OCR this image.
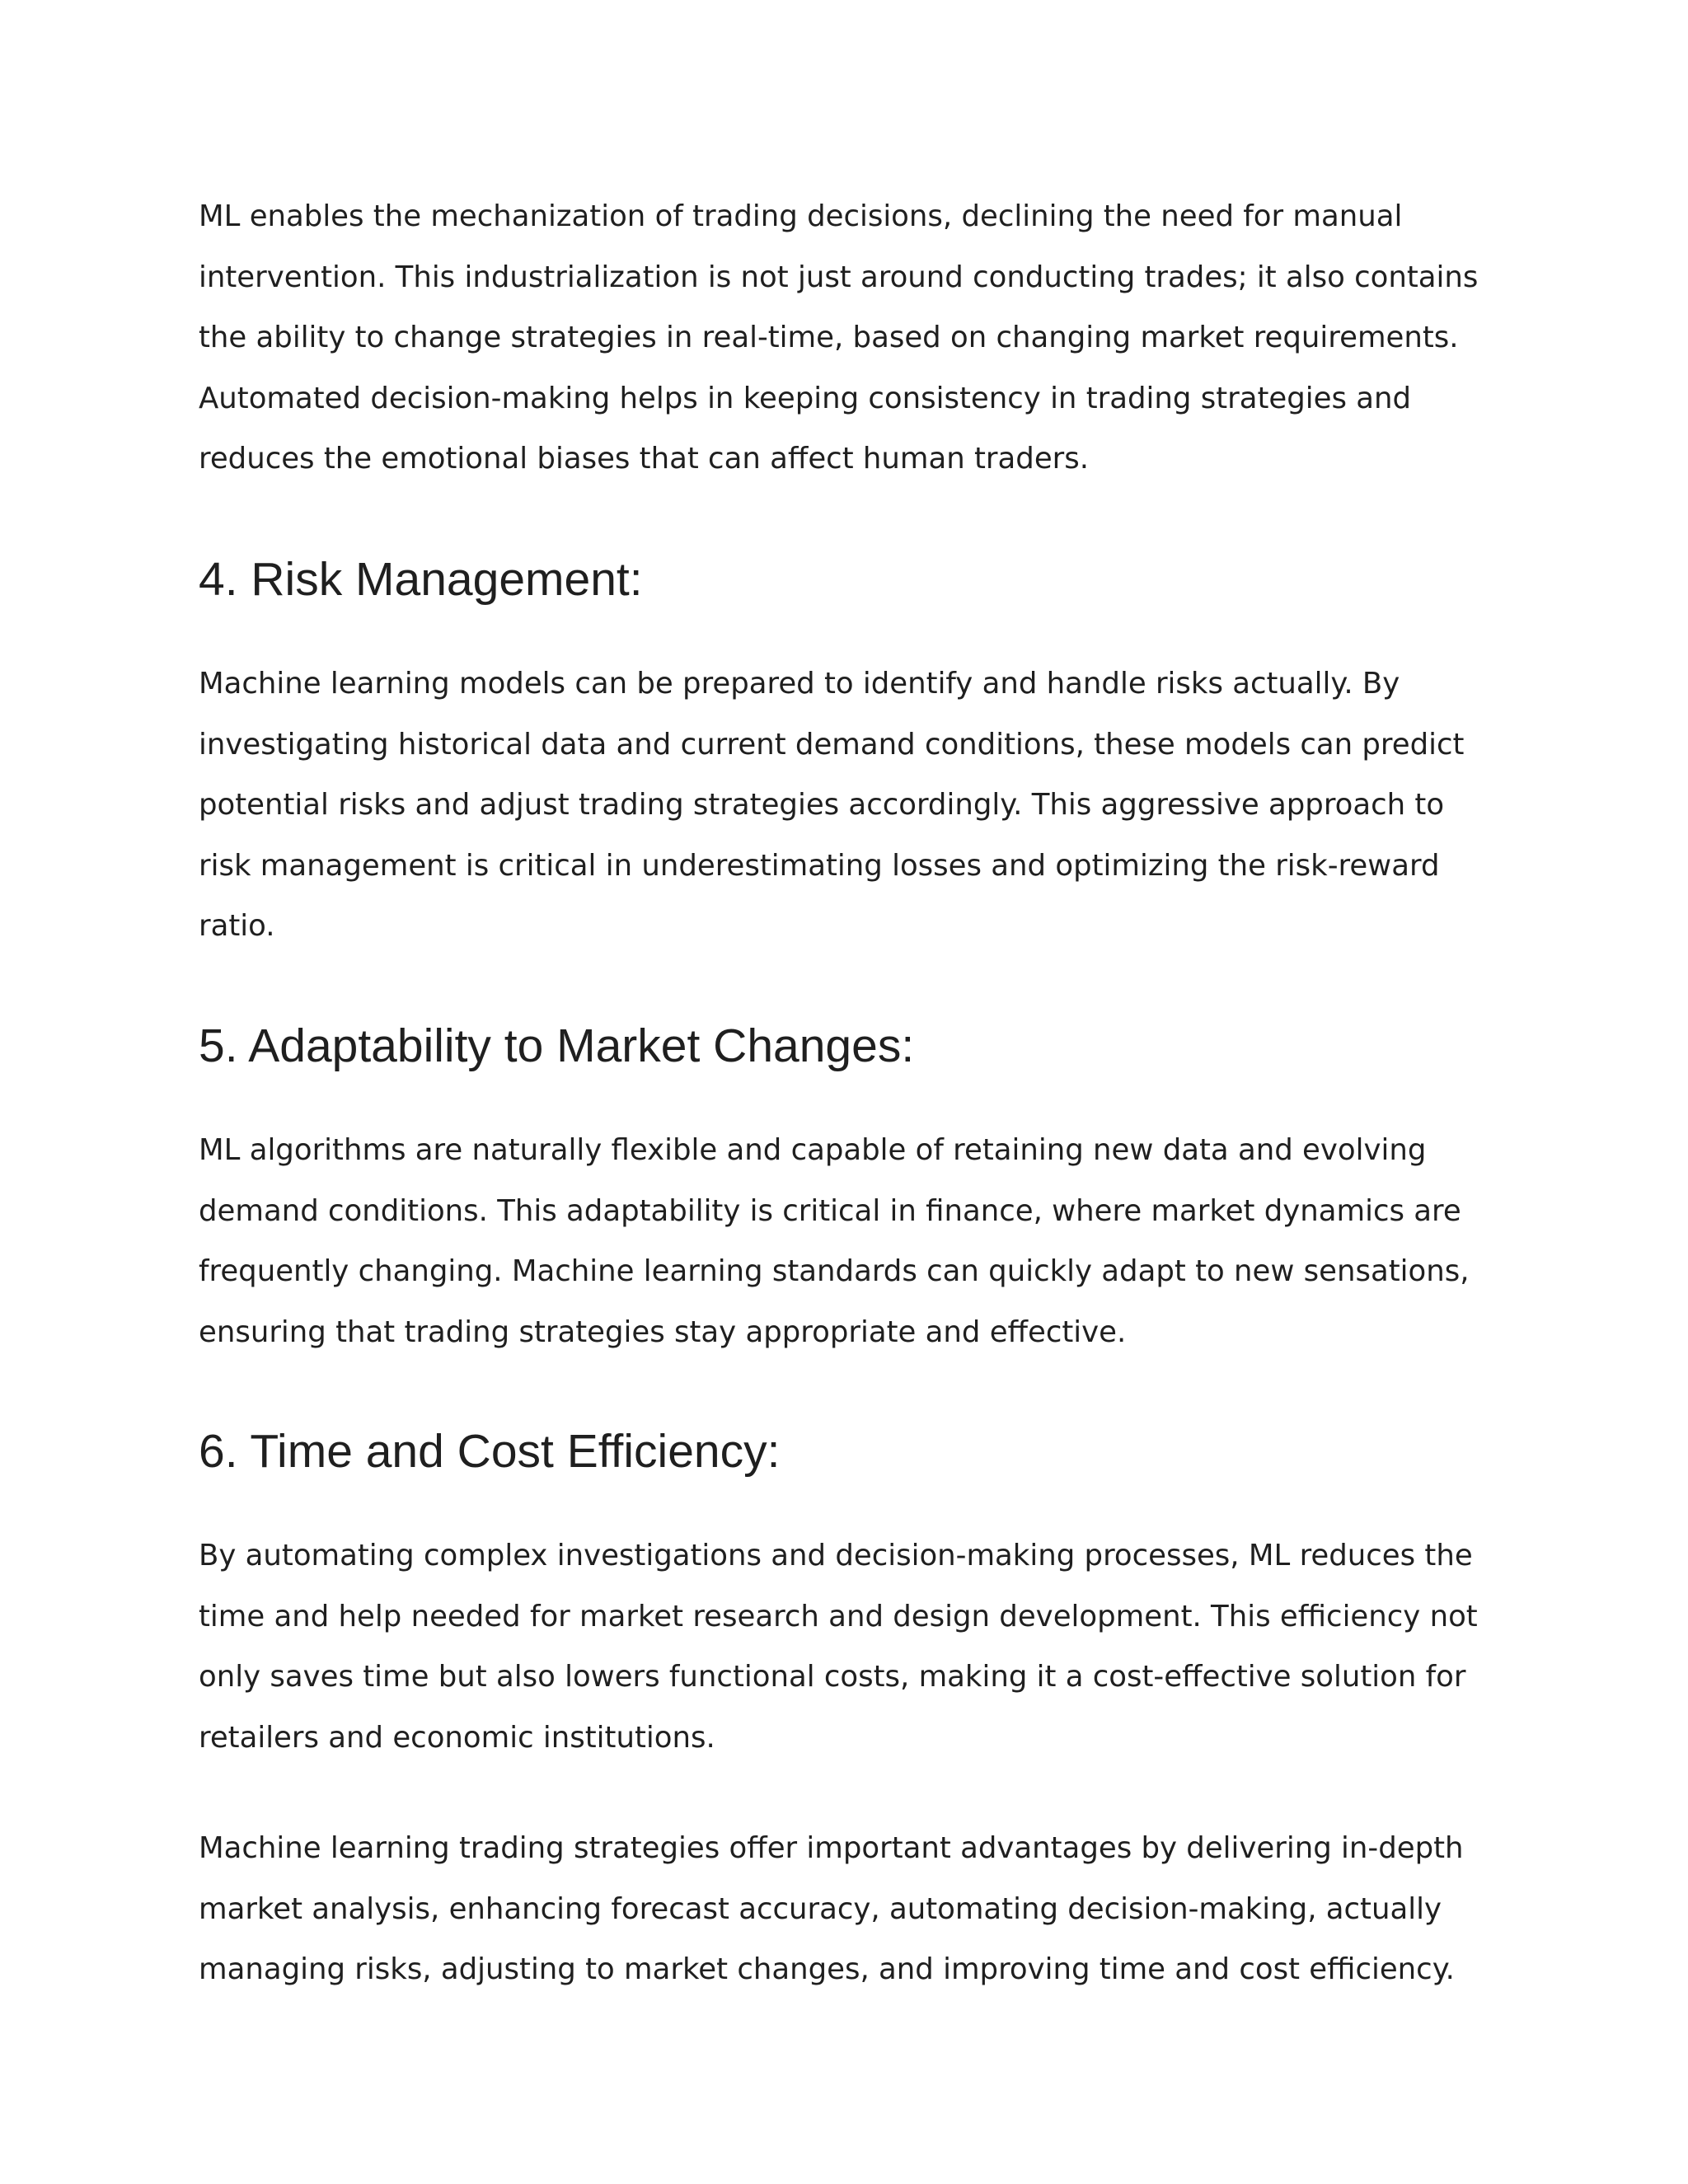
ML enables the mechanization of trading decisions, declining the need for manual
intervention. This industrialization is not just around conducting trades; it also contains
the ability to change strategies in real-time, based on changing market requirements.
Automated decision-making helps in keeping consistency in trading strategies and
reduces the emotional biases that can affect human traders.

4. Risk Management:

Machine learning models can be prepared to identify and handle risks actually. By
investigating historical data and current demand conditions, these models can predict
potential risks and adjust trading strategies accordingly. This aggressive approach to
risk management is critical in underestimating losses and optimizing the risk-reward
ratio.

5. Adaptability to Market Changes:

ML algorithms are naturally flexible and capable of retaining new data and evolving
demand conditions. This adaptability is critical in finance, where market dynamics are
frequently changing. Machine learning standards can quickly adapt to new sensations,
ensuring that trading strategies stay appropriate and effective.

6. Time and Cost Efficiency:

By automating complex investigations and decision-making processes, ML reduces the
time and help needed for market research and design development. This efficiency not
only saves time but also lowers functional costs, making it a cost-effective solution for
retailers and economic institutions.

Machine learning trading strategies offer important advantages by delivering in-depth
market analysis, enhancing forecast accuracy, automating decision-making, actually
managing risks, adjusting to market changes, and improving time and cost efficiency.
